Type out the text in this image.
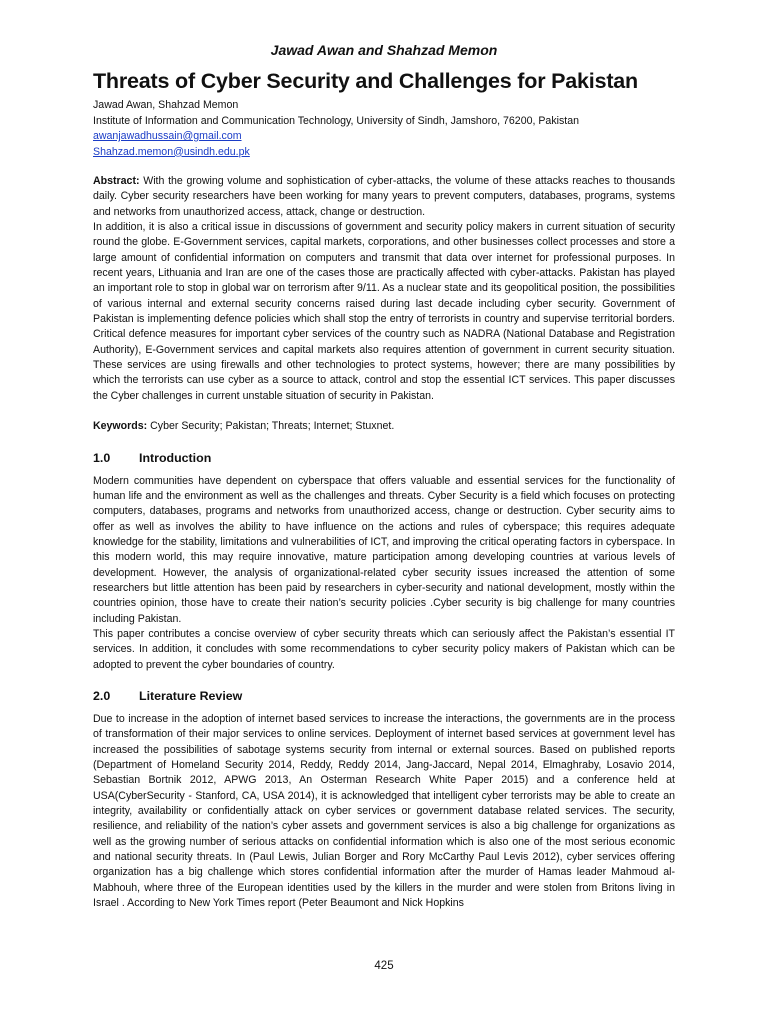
Jawad Awan and Shahzad Memon
Threats of Cyber Security and Challenges for Pakistan

Jawad Awan, Shahzad Memon

Institute of Information and Communication Technology, University of Sindh, Jamshoro, 76200, Pakistan

awanjawadhussain@gmail.com

Shahzad.memon@usindh.edu.pk

Abstract: With the growing volume and sophistication of cyber-attacks, the volume of these attacks reaches to thousands daily. Cyber security researchers have been working for many years to prevent computers, databases, programs, systems and networks from unauthorized access, attack, change or destruction.

In addition, it is also a critical issue in discussions of government and security policy makers in current situation of security round the globe. E-Government services, capital markets, corporations, and other businesses collect processes and store a large amount of confidential information on computers and transmit that data over internet for professional purposes. In recent years, Lithuania and Iran are one of the cases those are practically affected with cyber-attacks. Pakistan has played an important role to stop in global war on terrorism after 9/11. As a nuclear state and its geopolitical position, the possibilities of various internal and external security concerns raised during last decade including cyber security. Government of Pakistan is implementing defence policies which shall stop the entry of terrorists in country and supervise territorial borders. Critical defence measures for important cyber services of the country such as NADRA (National Database and Registration Authority), E-Government services and capital markets also requires attention of government in current security situation. These services are using firewalls and other technologies to protect systems, however; there are many possibilities by which the terrorists can use cyber as a source to attack, control and stop the essential ICT services. This paper discusses the Cyber challenges in current unstable situation of security in Pakistan.

Keywords: Cyber Security; Pakistan; Threats; Internet; Stuxnet.

1.0 Introduction

Modern communities have dependent on cyberspace that offers valuable and essential services for the functionality of human life and the environment as well as the challenges and threats. Cyber Security is a field which focuses on protecting computers, databases, programs and networks from unauthorized access, change or destruction. Cyber security aims to offer as well as involves the ability to have influence on the actions and rules of cyberspace; this requires adequate knowledge for the stability, limitations and vulnerabilities of ICT, and improving the critical operating factors in cyberspace. In this modern world, this may require innovative, mature participation among developing countries at various levels of development. However, the analysis of organizational-related cyber security issues increased the attention of some researchers but little attention has been paid by researchers in cyber-security and national development, mostly within the countries opinion, those have to create their nation’s security policies .Cyber security is big challenge for many countries including Pakistan.

This paper contributes a concise overview of cyber security threats which can seriously affect the Pakistan’s essential IT services. In addition, it concludes with some recommendations to cyber security policy makers of Pakistan which can be adopted to prevent the cyber boundaries of country.

2.0 Literature Review

Due to increase in the adoption of internet based services to increase the interactions, the governments are in the process of transformation of their major services to online services. Deployment of internet based services at government level has increased the possibilities of sabotage systems security from internal or external sources. Based on published reports (Department of Homeland Security 2014, Reddy, Reddy 2014, Jang-Jaccard, Nepal 2014, Elmaghraby, Losavio 2014, Sebastian Bortnik 2012, APWG 2013, An Osterman Research White Paper 2015) and a conference held at USA(CyberSecurity - Stanford, CA, USA 2014), it is acknowledged that intelligent cyber terrorists may be able to create an integrity, availability or confidentially attack on cyber services or government database related services. The security, resilience, and reliability of the nation’s cyber assets and government services is also a big challenge for organizations as well as the growing number of serious attacks on confidential information which is also one of the most serious economic and national security threats. In (Paul Lewis, Julian Borger and Rory McCarthy Paul Levis 2012), cyber services offering organization has a big challenge which stores confidential information after the murder of Hamas leader Mahmoud al-Mabhouh, where three of the European identities used by the killers in the murder and were stolen from Britons living in Israel . According to New York Times report (Peter Beaumont and Nick Hopkins

425
